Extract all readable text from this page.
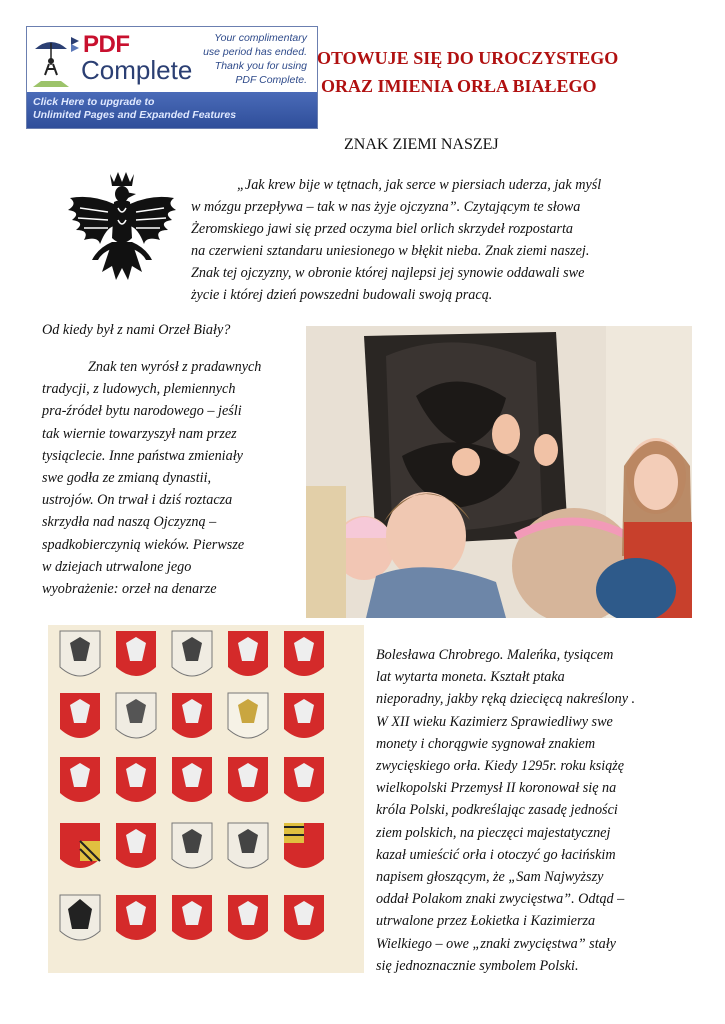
PDF
Complete
Your complimentary
use period has ended.
Thank you for using
PDF Complete.
Click Here to upgrade to
Unlimited Pages and Expanded Features
OTOWUJE SIĘ DO UROCZYSTEGO
ORAZ IMIENIA ORŁA BIAŁEGO
ZNAK ZIEMI NASZEJ

„Jak krew bije w tętnach, jak serce w piersiach uderza, jak myśl

w mózgu przepływa – tak w nas żyje ojczyzna”. Czytającym te słowa

Żeromskiego jawi się przed oczyma biel orlich skrzydeł rozpostarta

na czerwieni sztandaru uniesionego w błękit nieba. Znak ziemi naszej.

Znak tej ojczyzny, w obronie której najlepsi jej synowie oddawali swe

życie i której dzień powszedni budowali swoją pracą.

Od kiedy był z nami Orzeł Biały?

Znak ten wyrósł z pradawnych

tradycji, z ludowych, plemiennych

pra-źródeł bytu narodowego – jeśli

tak wiernie towarzyszył nam przez

tysiąclecie. Inne państwa zmieniały

swe godła ze zmianą dynastii,

ustrojów. On trwał i dziś roztacza

skrzydła nad naszą Ojczyzną –

spadkobierczynią wieków. Pierwsze

w dziejach utrwalone jego

wyobrażenie: orzeł na denarze

Bolesława Chrobrego. Maleńka, tysiącem

lat wytarta moneta. Kształt ptaka

nieporadny, jakby ręką dziecięcą nakreślony .

W XII wieku Kazimierz Sprawiedliwy swe

monety i chorągwie sygnował znakiem

zwycięskiego orła. Kiedy 1295r. roku książę

wielkopolski Przemysł II koronował się na

króla Polski, podkreślając zasadę jedności

ziem polskich, na pieczęci majestatycznej

kazał umieścić orła i otoczyć go łacińskim

napisem głoszącym, że „Sam Najwyższy

oddał Polakom znaki zwycięstwa”. Odtąd –

utrwalone przez Łokietka i Kazimierza

Wielkiego – owe „znaki zwycięstwa” stały

się jednoznacznie symbolem Polski.
